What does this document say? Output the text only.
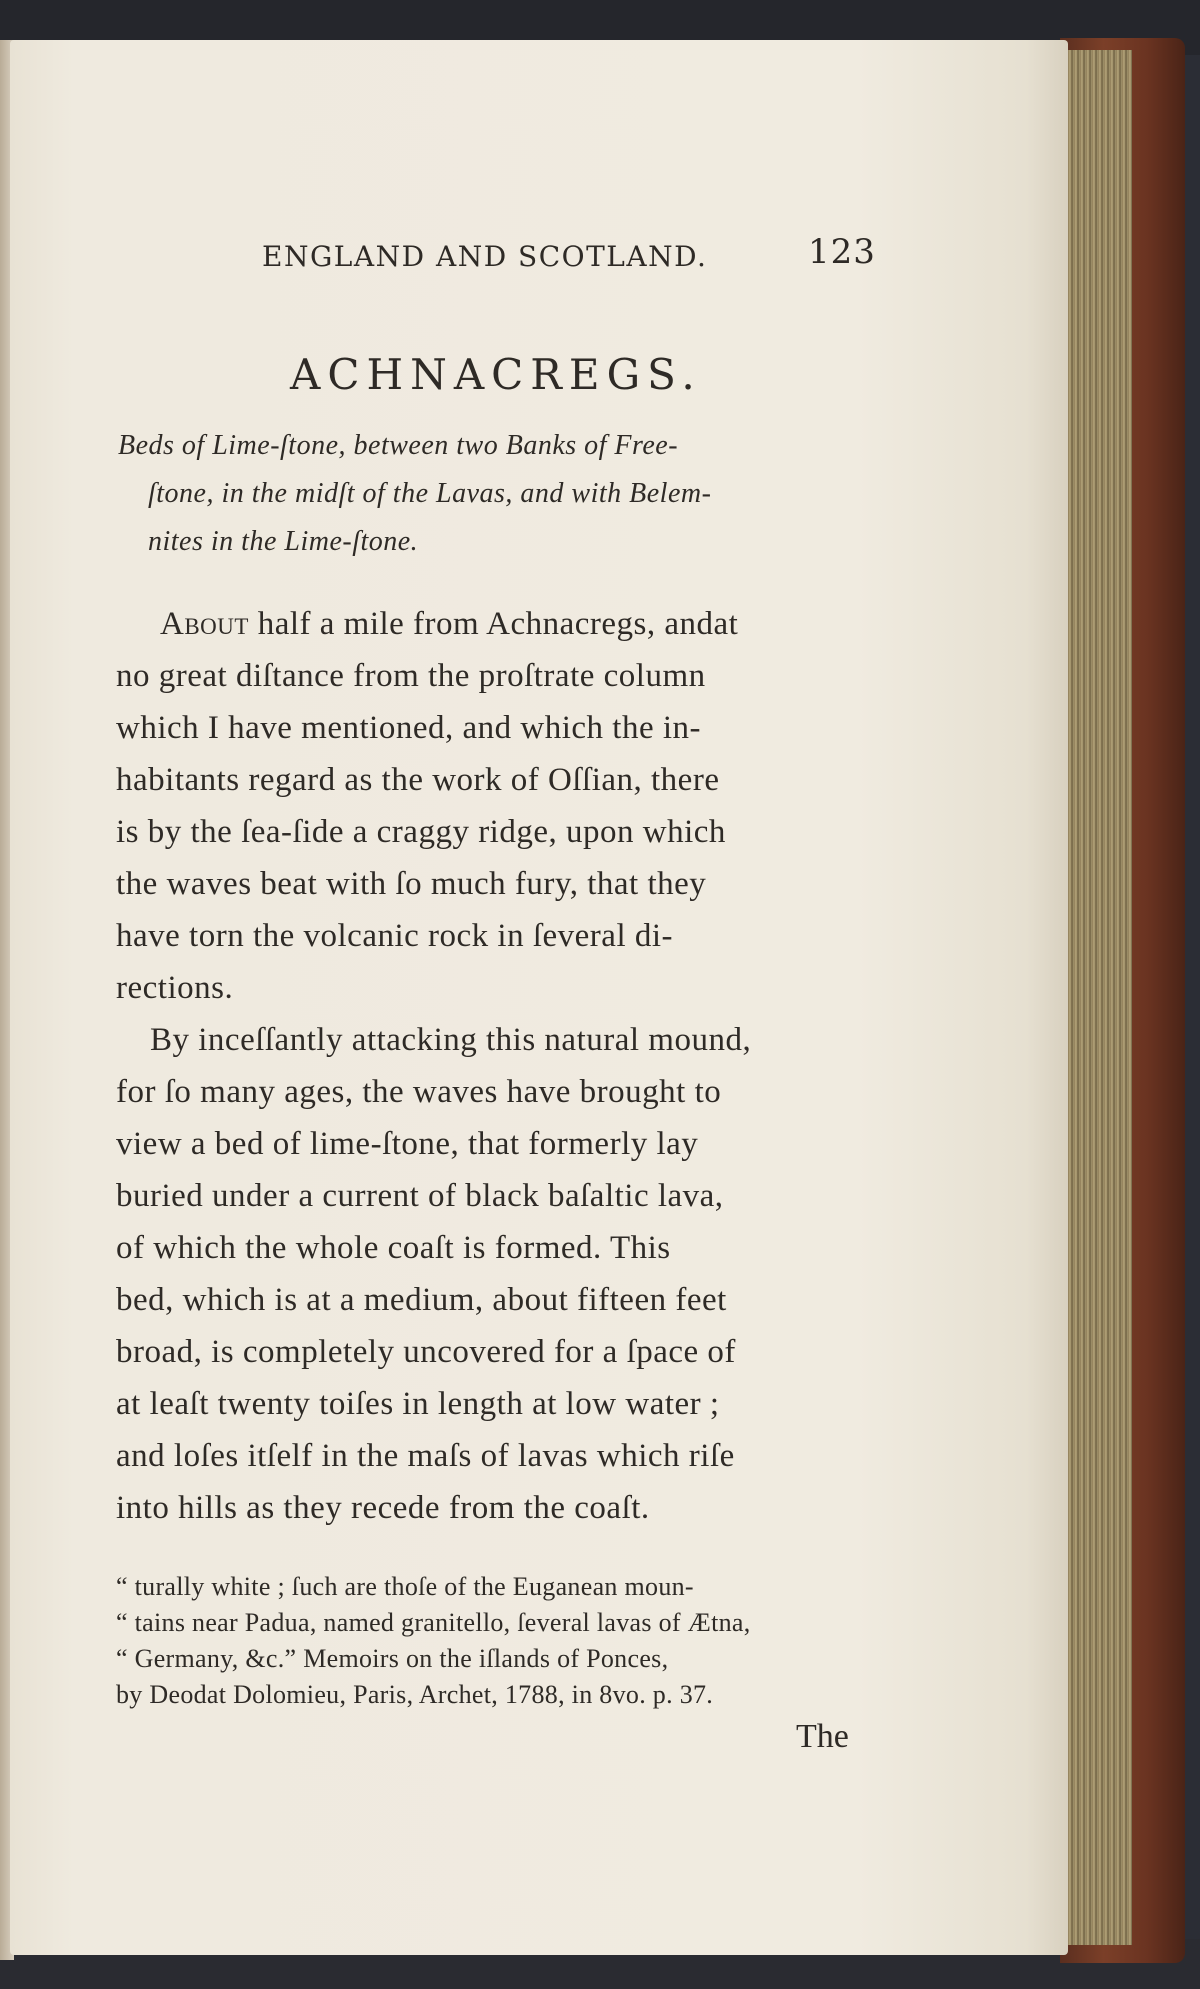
ENGLAND AND SCOTLAND.	123
ACHNACREGS.
Beds of Lime-ſtone, between two Banks of Free-
ſtone, in the midſt of the Lavas, and with Belem-
nites in the Lime-ſtone.
About half a mile from Achnacregs, andat
no great diſtance from the proſtrate column
which I have mentioned, and which the in-
habitants regard as the work of Oſſian, there
is by the ſea-ſide a craggy ridge, upon which
the waves beat with ſo much fury, that they
have torn the volcanic rock in ſeveral di-
rections.
By inceſſantly attacking this natural mound,
for ſo many ages, the waves have brought to
view a bed of lime-ſtone, that formerly lay
buried under a current of black baſaltic lava,
of which the whole coaſt is formed. This
bed, which is at a medium, about fifteen feet
broad, is completely uncovered for a ſpace of
at leaſt twenty toiſes in length at low water ;
and loſes itſelf in the maſs of lavas which riſe
into hills as they recede from the coaſt.
“ turally white ; ſuch are thoſe of the Euganean moun-
“ tains near Padua, named granitello, ſeveral lavas of Ætna,
“ Germany, &c.” Memoirs on the iſlands of Ponces,
by Deodat Dolomieu, Paris, Archet, 1788, in 8vo. p. 37.
The
